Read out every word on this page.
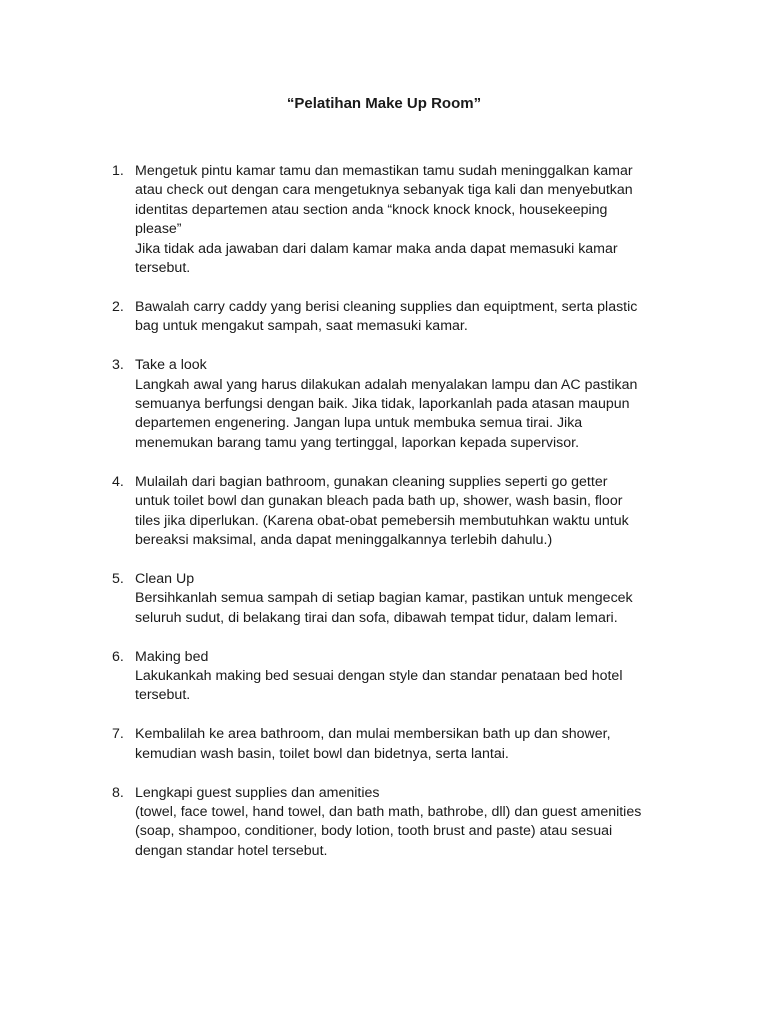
“Pelatihan Make Up Room”
1. Mengetuk pintu kamar tamu dan memastikan tamu sudah meninggalkan kamar
atau check out dengan cara mengetuknya sebanyak tiga kali dan menyebutkan
identitas departemen atau section anda “knock knock knock, housekeeping
please”
Jika tidak ada jawaban dari dalam kamar maka anda dapat memasuki kamar
tersebut.
2. Bawalah carry caddy yang berisi cleaning supplies dan equiptment, serta plastic
bag untuk mengakut sampah, saat memasuki kamar.
3. Take a look
Langkah awal yang harus dilakukan adalah menyalakan lampu dan AC pastikan
semuanya berfungsi dengan baik. Jika tidak, laporkanlah pada atasan maupun
departemen engenering. Jangan lupa untuk membuka semua tirai. Jika
menemukan barang tamu yang tertinggal, laporkan kepada supervisor.
4. Mulailah dari bagian bathroom, gunakan cleaning supplies seperti go getter
untuk toilet bowl dan gunakan bleach pada bath up, shower, wash basin, floor
tiles jika diperlukan. (Karena obat-obat pemebersih membutuhkan waktu untuk
bereaksi maksimal, anda dapat meninggalkannya terlebih dahulu.)
5. Clean Up
Bersihkanlah semua sampah di setiap bagian kamar, pastikan untuk mengecek
seluruh sudut, di belakang tirai dan sofa, dibawah tempat tidur, dalam lemari.
6. Making bed
Lakukankah making bed sesuai dengan style dan standar penataan bed hotel
tersebut.
7. Kembalilah ke area bathroom, dan mulai membersikan bath up dan shower,
kemudian wash basin, toilet bowl dan bidetnya, serta lantai.
8. Lengkapi guest supplies dan amenities
(towel, face towel, hand towel, dan bath math, bathrobe, dll) dan guest amenities
(soap, shampoo, conditioner, body lotion, tooth brust and paste) atau sesuai
dengan standar hotel tersebut.
